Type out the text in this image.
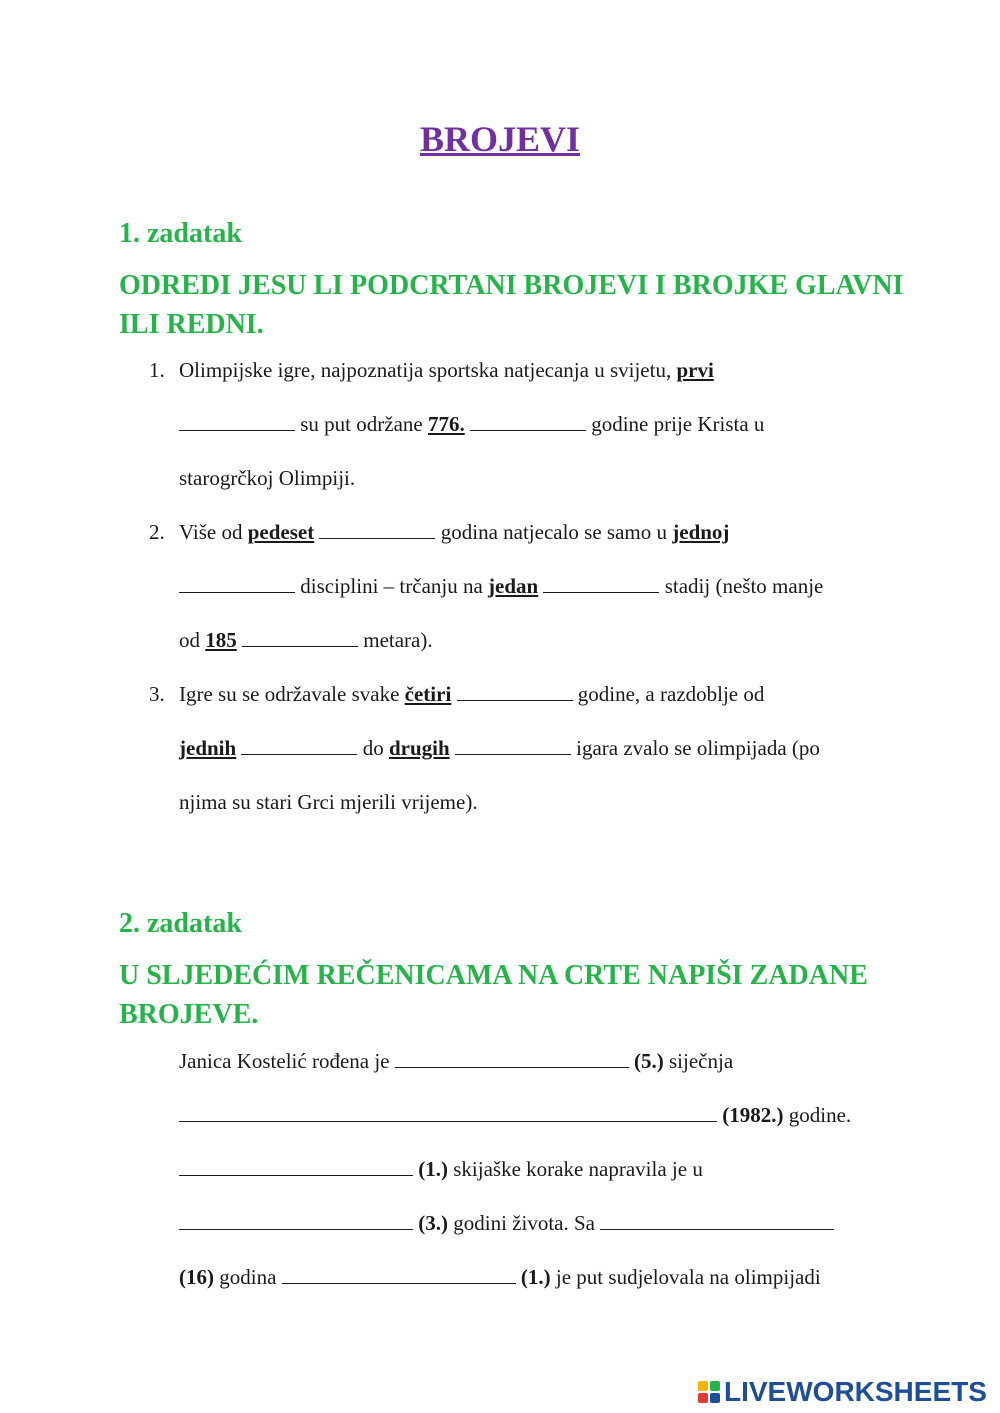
BROJEVI
1. zadatak
ODREDI JESU LI PODCRTANI BROJEVI I BROJKE GLAVNI ILI REDNI.
1. Olimpijske igre, najpoznatija sportska natjecanja u svijetu, prvi
su put održane 776.	godine prije Krista u
starogrčkoj Olimpiji.
2. Više od pedeset	godina natjecalo se samo u jednoj
disciplini – trčanju na jedan	stadij (nešto manje
od 185	metara).
3. Igre su se održavale svake četiri	godine, a razdoblje od
jednih	do drugih	igara zvalo se olimpijada (po
njima su stari Grci mjerili vrijeme).
2. zadatak
U SLJEDEĆIM REČENICAMA NA CRTE NAPIŠI ZADANE BROJEVE.
Janica Kostelić rođena je	(5.) siječnja
(1982.) godine.
(1.) skijaške korake napravila je u
(3.) godini života. Sa
(16) godina	(1.) je put sudjelovala na olimpijadi
LIVEWORKSHEETS
